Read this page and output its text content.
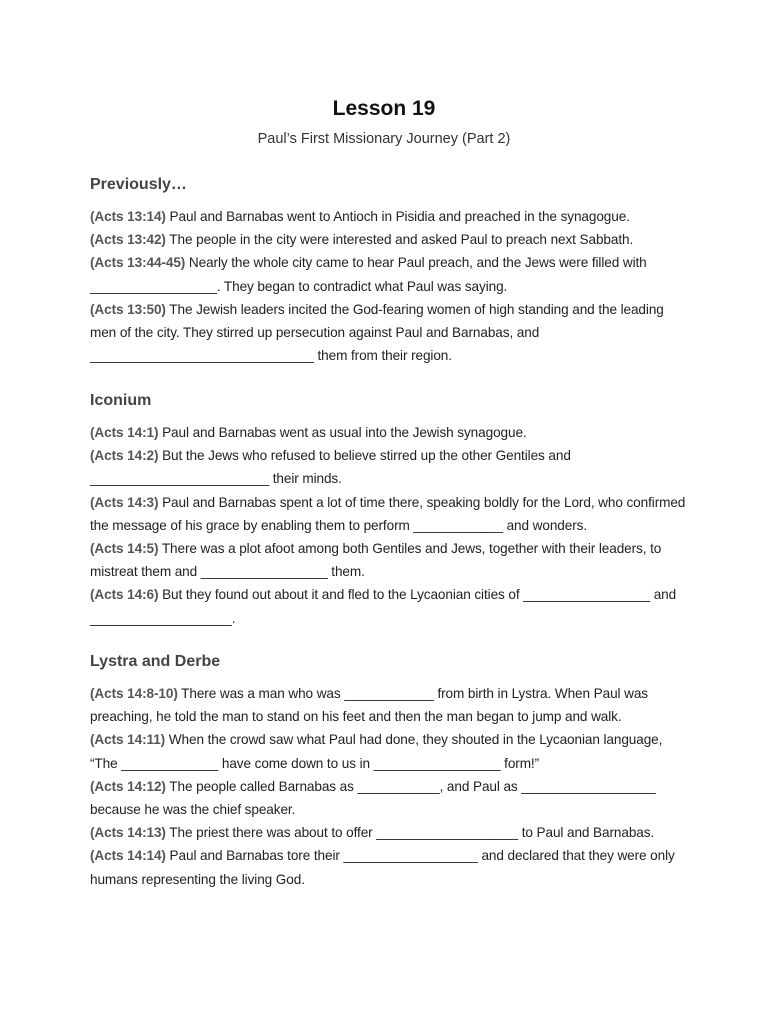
Lesson 19

Paul’s First Missionary Journey (Part 2)

Previously…
(Acts 13:14) Paul and Barnabas went to Antioch in Pisidia and preached in the synagogue.
(Acts 13:42) The people in the city were interested and asked Paul to preach next Sabbath.
(Acts 13:44-45) Nearly the whole city came to hear Paul preach, and the Jews were filled with _________________. They began to contradict what Paul was saying.
(Acts 13:50) The Jewish leaders incited the God-fearing women of high standing and the leading men of the city. They stirred up persecution against Paul and Barnabas, and ______________________________ them from their region.
Iconium
(Acts 14:1) Paul and Barnabas went as usual into the Jewish synagogue.
(Acts 14:2) But the Jews who refused to believe stirred up the other Gentiles and ________________________ their minds.
(Acts 14:3) Paul and Barnabas spent a lot of time there, speaking boldly for the Lord, who confirmed the message of his grace by enabling them to perform ____________ and wonders.
(Acts 14:5) There was a plot afoot among both Gentiles and Jews, together with their leaders, to mistreat them and _________________ them.
(Acts 14:6) But they found out about it and fled to the Lycaonian cities of _________________ and ___________________.
Lystra and Derbe
(Acts 14:8-10) There was a man who was ____________ from birth in Lystra. When Paul was preaching, he told the man to stand on his feet and then the man began to jump and walk.
(Acts 14:11) When the crowd saw what Paul had done, they shouted in the Lycaonian language, “The _____________ have come down to us in _________________ form!”
(Acts 14:12) The people called Barnabas as ___________, and Paul as __________________ because he was the chief speaker.
(Acts 14:13) The priest there was about to offer ___________________ to Paul and Barnabas.
(Acts 14:14) Paul and Barnabas tore their __________________ and declared that they were only humans representing the living God.
